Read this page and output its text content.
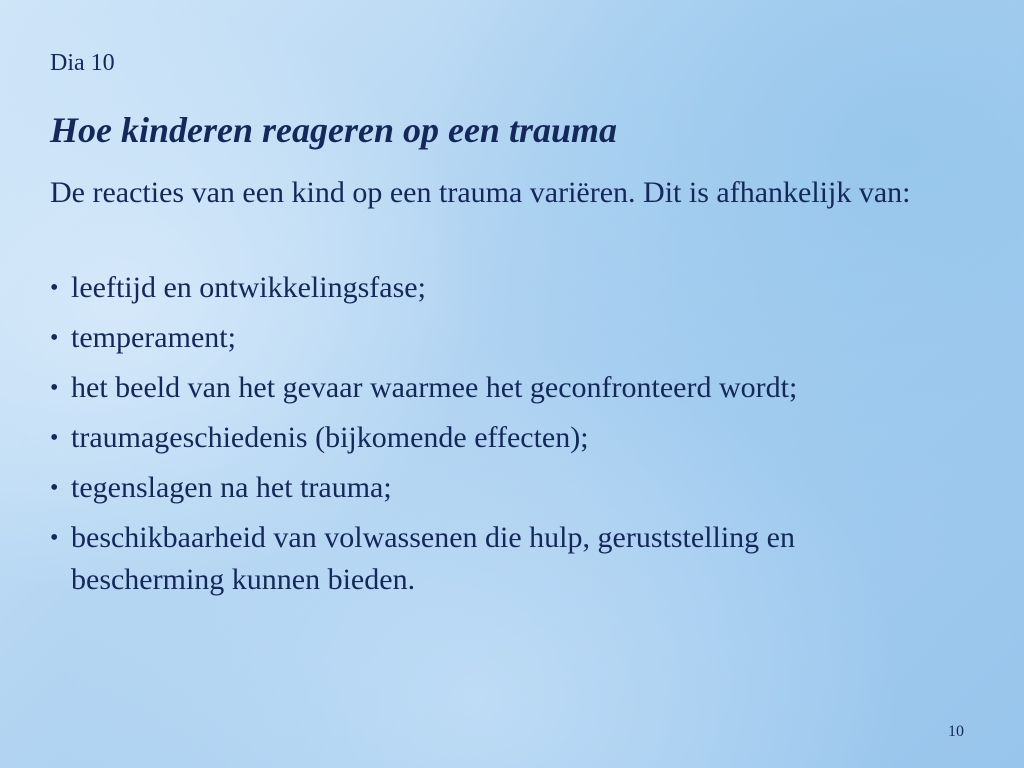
Dia 10
Hoe kinderen reageren op een trauma

De reacties van een kind op een trauma variëren. Dit is afhankelijk van:

• leeftijd en ontwikkelingsfase;
• temperament;
• het beeld van het gevaar waarmee het geconfronteerd wordt;
• traumageschiedenis (bijkomende effecten);
• tegenslagen na het trauma;
• beschikbaarheid van volwassenen die hulp, geruststelling en bescherming kunnen bieden.
10
